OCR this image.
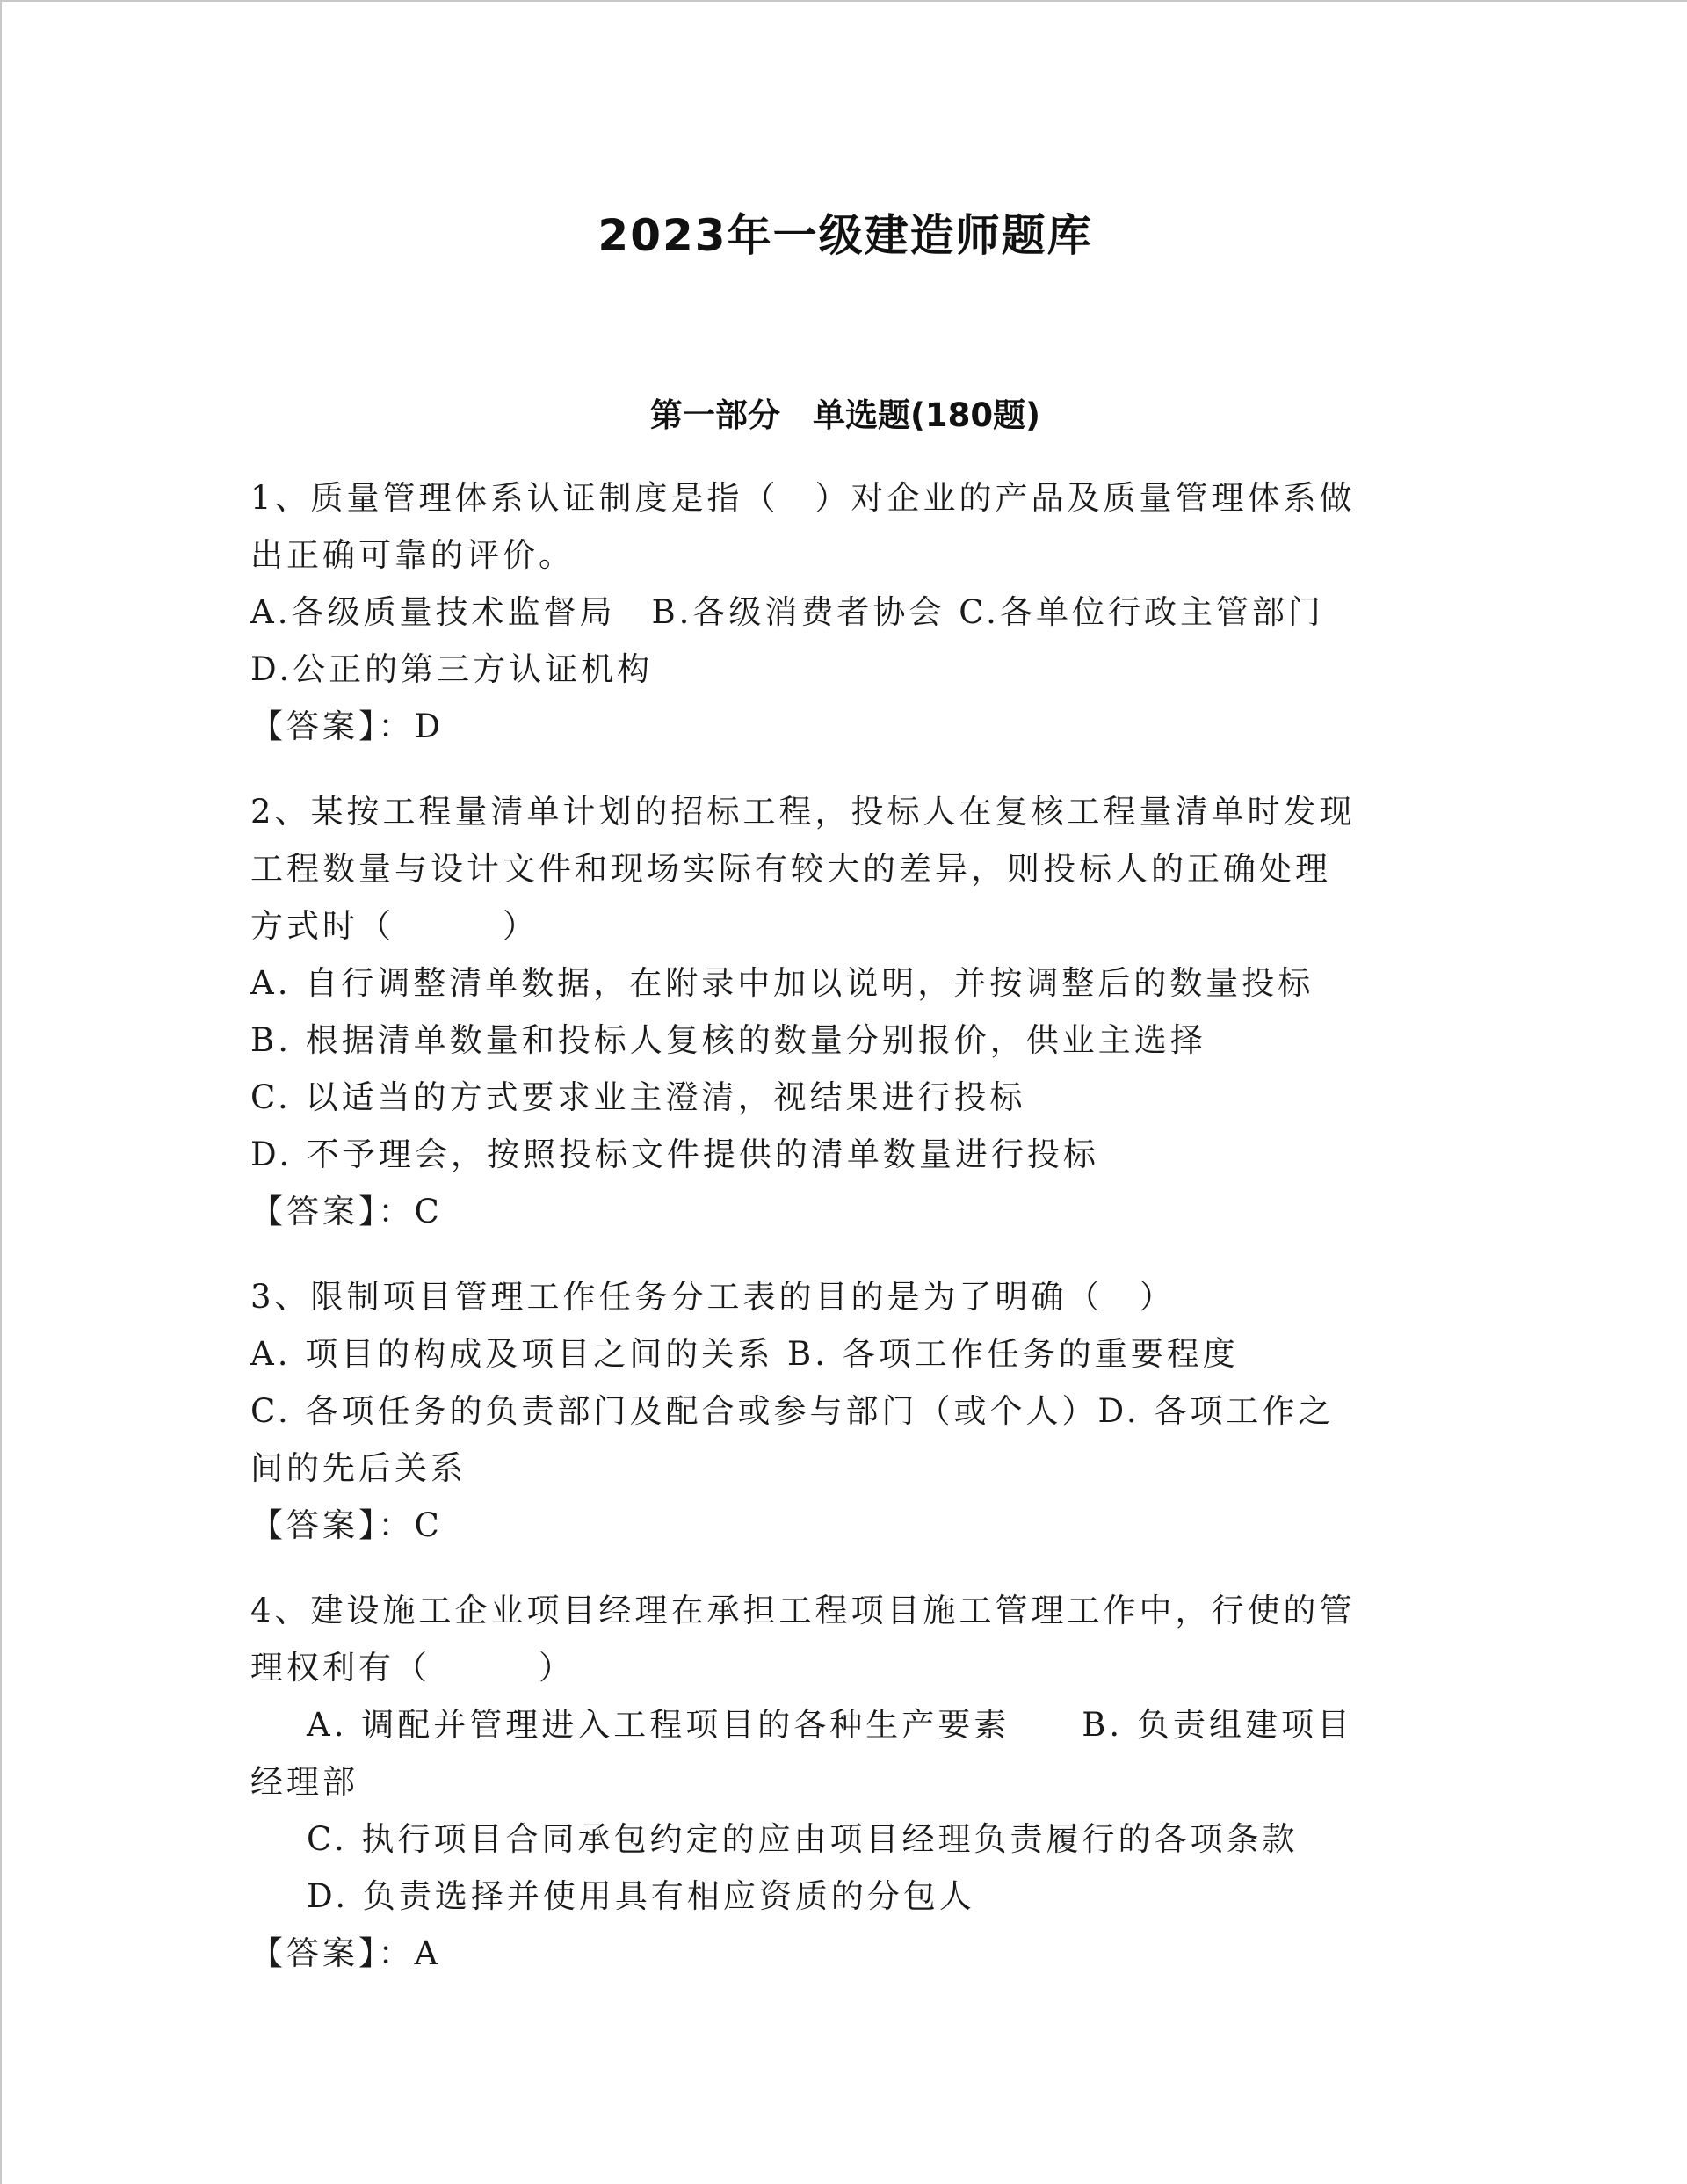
2023年一级建造师题库
第一部分　单选题(180题)
1、质量管理体系认证制度是指（　）对企业的产品及质量管理体系做
出正确可靠的评价。
A.各级质量技术监督局　B.各级消费者协会 C.各单位行政主管部门
D.公正的第三方认证机构
【答案】：D
2、某按工程量清单计划的招标工程，投标人在复核工程量清单时发现
工程数量与设计文件和现场实际有较大的差异，则投标人的正确处理
方式时（　　　）
A. 自行调整清单数据，在附录中加以说明，并按调整后的数量投标
B. 根据清单数量和投标人复核的数量分别报价，供业主选择
C. 以适当的方式要求业主澄清，视结果进行投标
D. 不予理会，按照投标文件提供的清单数量进行投标
【答案】：C
3、限制项目管理工作任务分工表的目的是为了明确（　）
A. 项目的构成及项目之间的关系 B. 各项工作任务的重要程度
C. 各项任务的负责部门及配合或参与部门（或个人）D. 各项工作之
间的先后关系
【答案】：C
4、建设施工企业项目经理在承担工程项目施工管理工作中，行使的管
理权利有（　　　）
A. 调配并管理进入工程项目的各种生产要素　　B. 负责组建项目
经理部
C. 执行项目合同承包约定的应由项目经理负责履行的各项条款
D. 负责选择并使用具有相应资质的分包人
【答案】：A
